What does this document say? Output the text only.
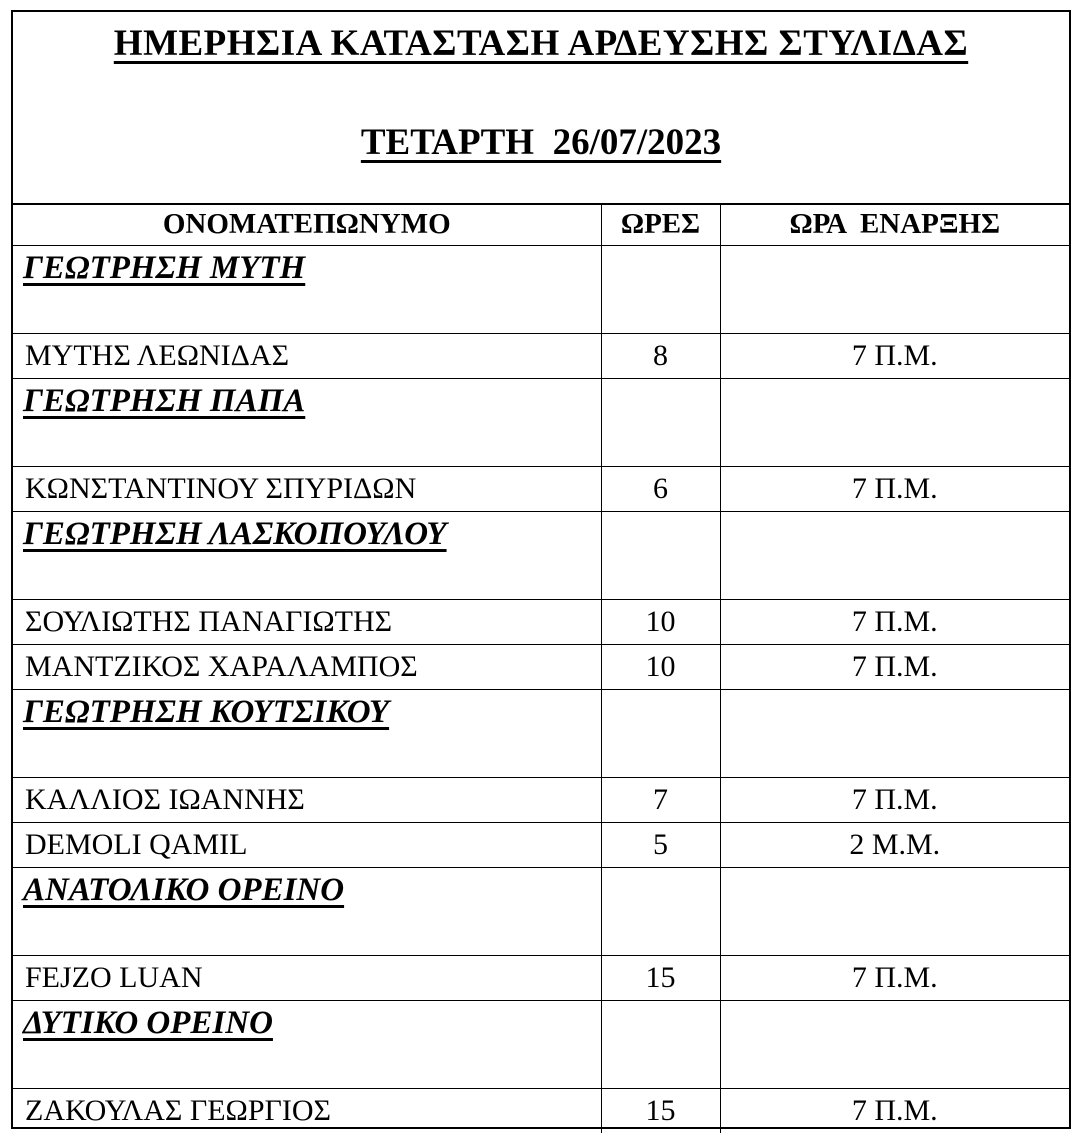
ΗΜΕΡΗΣΙΑ ΚΑΤΑΣΤΑΣΗ ΑΡΔΕΥΣΗΣ ΣΤΥΛΙΔΑΣ
ΤΕΤΑΡΤΗ  26/07/2023
ΟΝΟΜΑΤΕΠΩΝΥΜΟ	ΩΡΕΣ	ΩΡΑ  ΕΝΑΡΞΗΣ
ΓΕΩΤΡΗΣΗ ΜΥΤΗ		
ΜΥΤΗΣ ΛΕΩΝΙΔΑΣ	8	7 Π.Μ.
ΓΕΩΤΡΗΣΗ ΠΑΠΑ		
ΚΩΝΣΤΑΝΤΙΝΟΥ ΣΠΥΡΙΔΩΝ	6	7 Π.Μ.
ΓΕΩΤΡΗΣΗ ΛΑΣΚΟΠΟΥΛΟΥ		
ΣΟΥΛΙΩΤΗΣ ΠΑΝΑΓΙΩΤΗΣ	10	7 Π.Μ.
ΜΑΝΤΖΙΚΟΣ ΧΑΡΑΛΑΜΠΟΣ	10	7 Π.Μ.
ΓΕΩΤΡΗΣΗ ΚΟΥΤΣΙΚΟΥ		
ΚΑΛΛΙΟΣ ΙΩΑΝΝΗΣ	7	7 Π.Μ.
DEMOLI QAMIL	5	2 Μ.Μ.
ΑΝΑΤΟΛΙΚΟ ΟΡΕΙΝΟ		
FEJZO LUAN	15	7 Π.Μ.
ΔΥΤΙΚΟ ΟΡΕΙΝΟ		
ΖΑΚΟΥΛΑΣ ΓΕΩΡΓΙΟΣ	15	7 Π.Μ.
